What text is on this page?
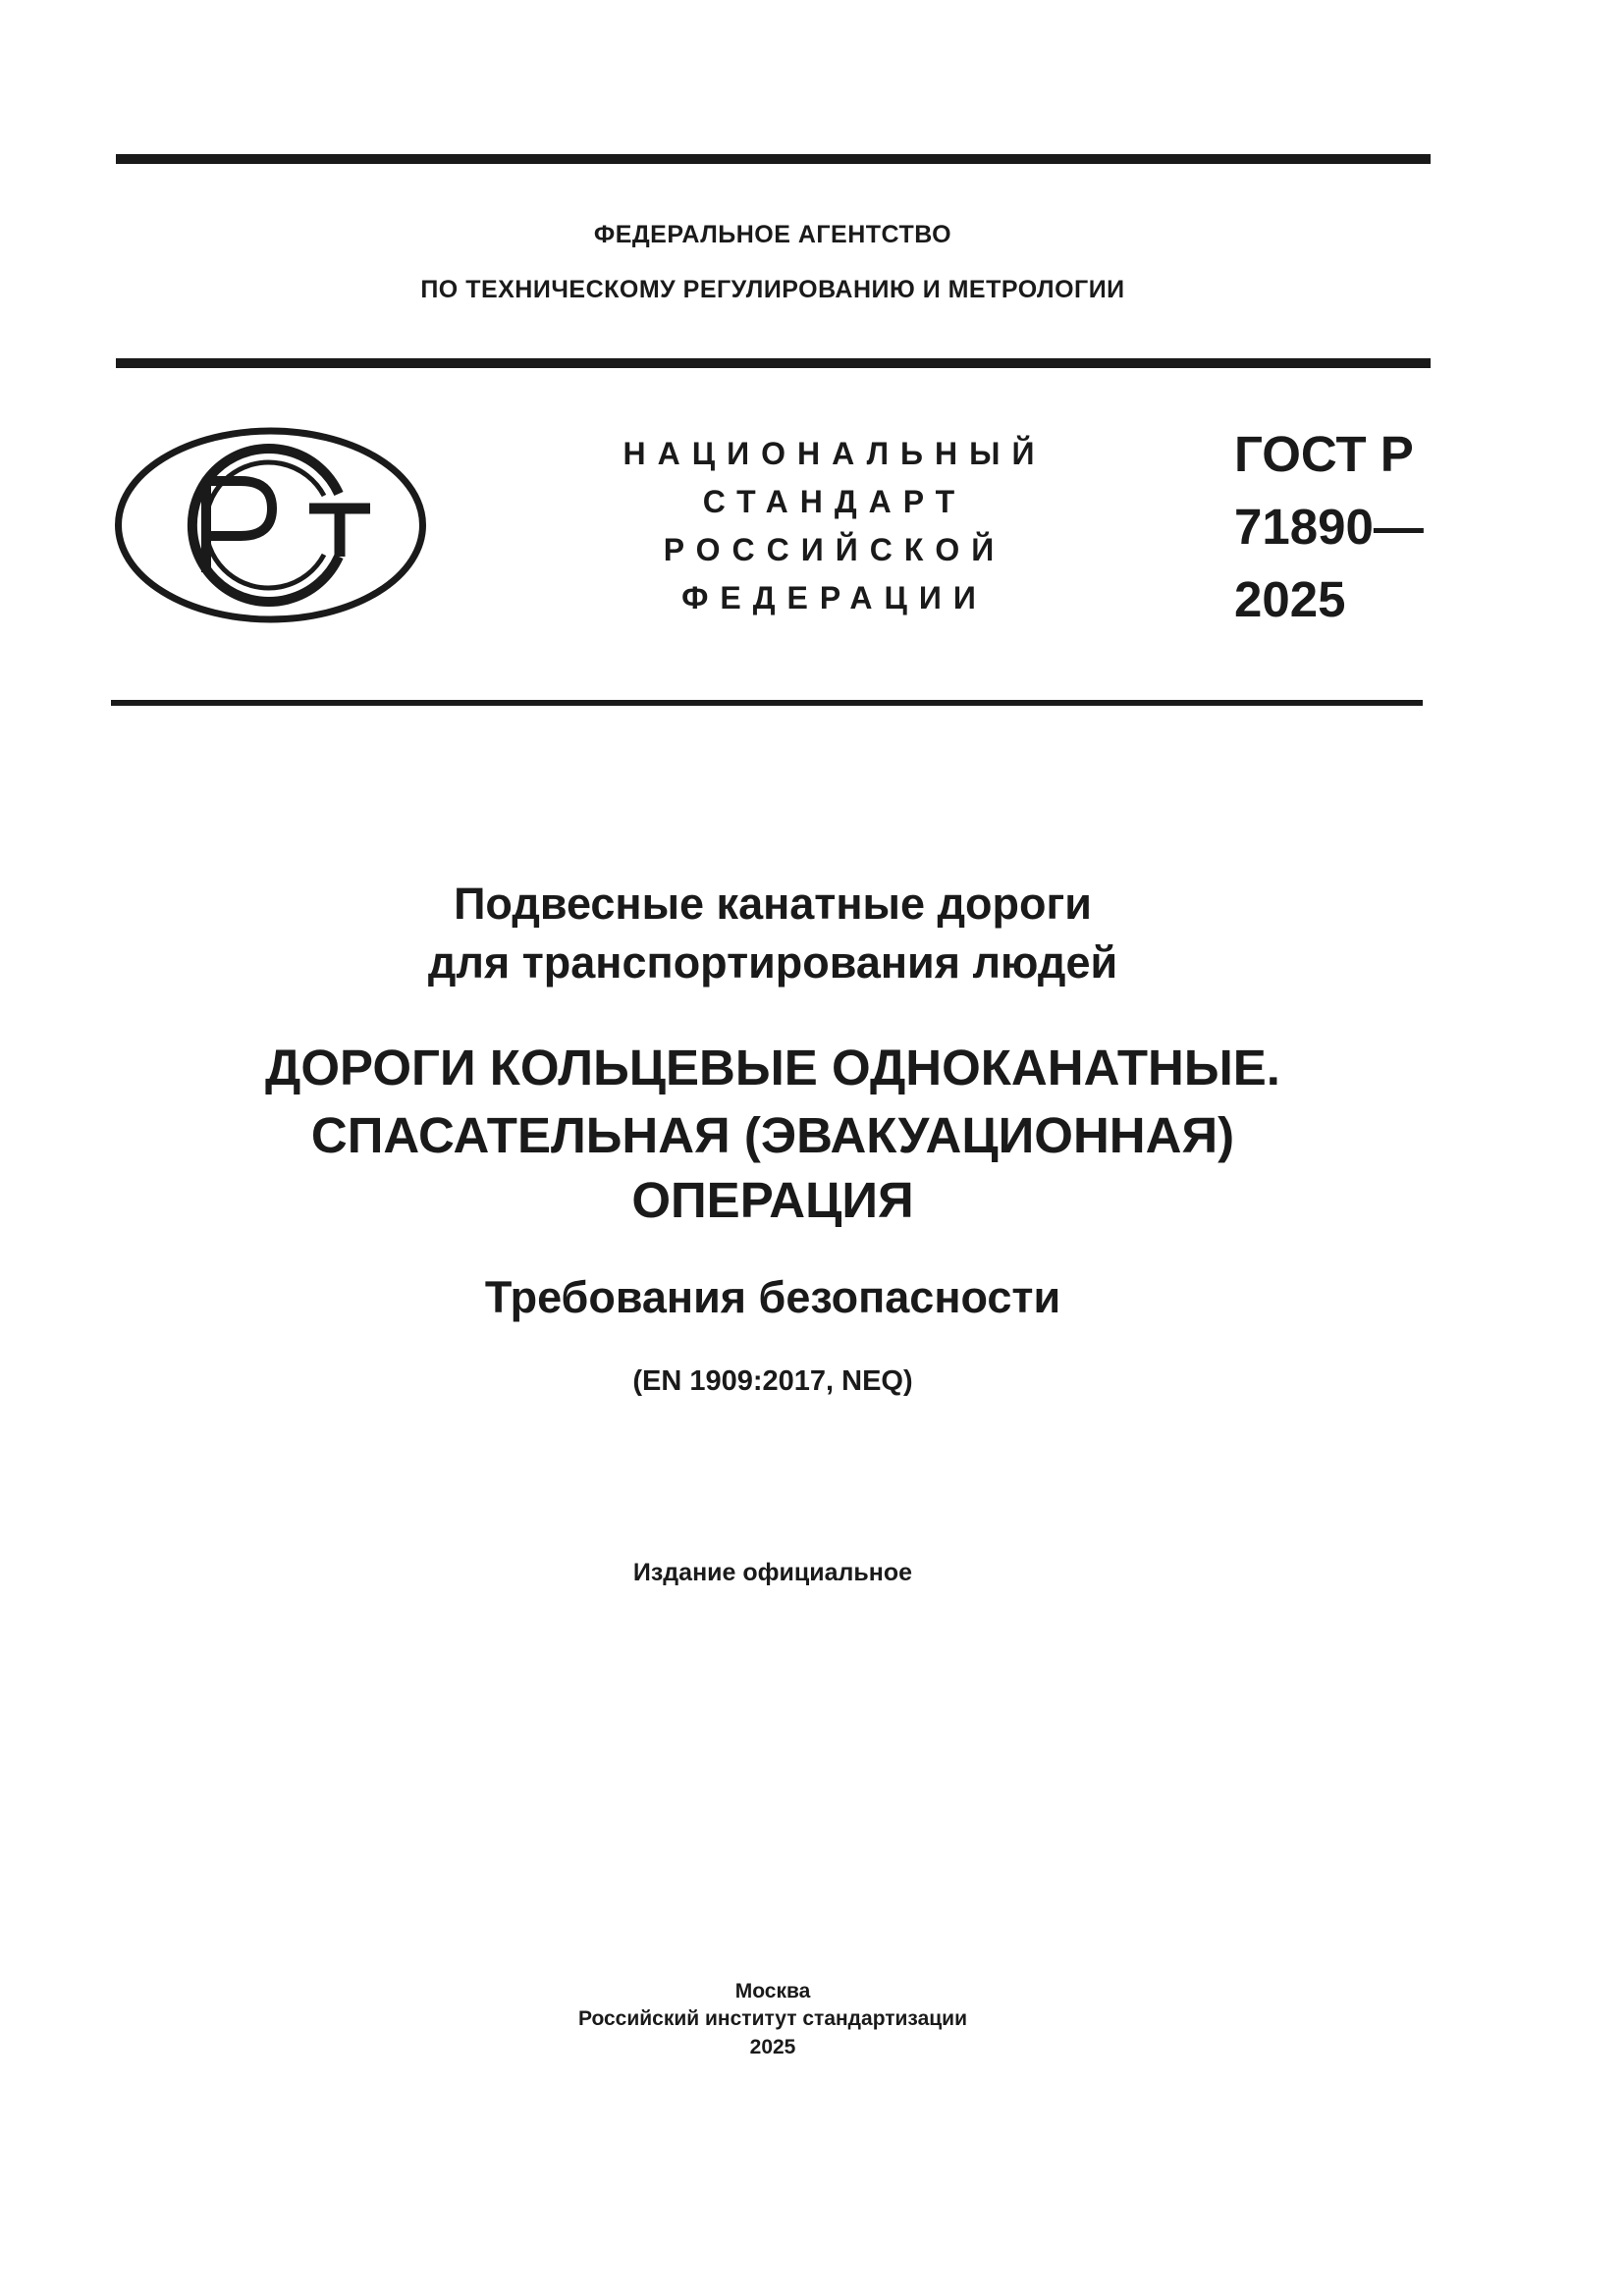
ФЕДЕРАЛЬНОЕ АГЕНТСТВО
ПО ТЕХНИЧЕСКОМУ РЕГУЛИРОВАНИЮ И МЕТРОЛОГИИ
НАЦИОНАЛЬНЫЙ
СТАНДАРТ
РОССИЙСКОЙ
ФЕДЕРАЦИИ
ГОСТ Р
71890—
2025
Подвесные канатные дороги
для транспортирования людей
ДОРОГИ КОЛЬЦЕВЫЕ ОДНОКАНАТНЫЕ.
СПАСАТЕЛЬНАЯ (ЭВАКУАЦИОННАЯ)
ОПЕРАЦИЯ
Требования безопасности
(EN 1909:2017, NEQ)
Издание официальное
Москва
Российский институт стандартизации
2025
